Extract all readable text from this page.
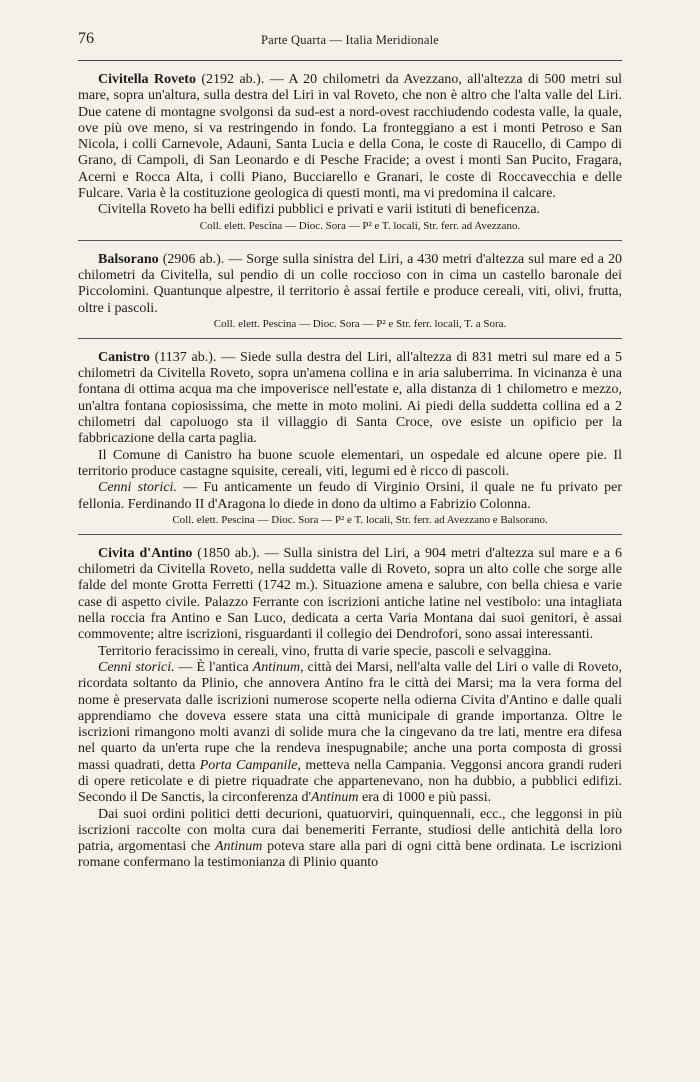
76	Parte Quarta — Italia Meridionale

Civitella Roveto (2192 ab.). — A 20 chilometri da Avezzano, all'altezza di 500 metri sul mare, sopra un'altura, sulla destra del Liri in val Roveto, che non è altro che l'alta valle del Liri. Due catene di montagne svolgonsi da sud-est a nord-ovest racchiudendo codesta valle, la quale, ove più ove meno, si va restringendo in fondo. La fronteggiano a est i monti Petroso e San Nicola, i colli Carnevole, Adauni, Santa Lucia e della Cona, le coste di Raucello, di Campo di Grano, di Campoli, di San Leonardo e di Pesche Fracide; a ovest i monti San Pucito, Fragara, Acerni e Rocca Alta, i colli Piano, Bucciarello e Granari, le coste di Roccavecchia e delle Fulcare. Varia è la costituzione geologica di questi monti, ma vi predomina il calcare.

Civitella Roveto ha belli edifizi pubblici e privati e varii istituti di beneficenza.

Coll. elett. Pescina — Dioc. Sora — P² e T. locali, Str. ferr. ad Avezzano.

Balsorano (2906 ab.). — Sorge sulla sinistra del Liri, a 430 metri d'altezza sul mare ed a 20 chilometri da Civitella, sul pendio di un colle roccioso con in cima un castello baronale dei Piccolomini. Quantunque alpestre, il territorio è assai fertile e produce cereali, viti, olivi, frutta, oltre i pascoli.

Coll. elett. Pescina — Dioc. Sora — P² e Str. ferr. locali, T. a Sora.

Canistro (1137 ab.). — Siede sulla destra del Liri, all'altezza di 831 metri sul mare ed a 5 chilometri da Civitella Roveto, sopra un'amena collina e in aria saluberrima. In vicinanza è una fontana di ottima acqua ma che impoverisce nell'estate e, alla distanza di 1 chilometro e mezzo, un'altra fontana copiosissima, che mette in moto molini. Ai piedi della suddetta collina ed a 2 chilometri dal capoluogo sta il villaggio di Santa Croce, ove esiste un opificio per la fabbricazione della carta paglia.

Il Comune di Canistro ha buone scuole elementari, un ospedale ed alcune opere pie. Il territorio produce castagne squisite, cereali, viti, legumi ed è ricco di pascoli.

Cenni storici. — Fu anticamente un feudo di Virginio Orsini, il quale ne fu privato per fellonia. Ferdinando II d'Aragona lo diede in dono da ultimo a Fabrizio Colonna.

Coll. elett. Pescina — Dioc. Sora — P² e T. locali, Str. ferr. ad Avezzano e Balsorano.

Civita d'Antino (1850 ab.). — Sulla sinistra del Liri, a 904 metri d'altezza sul mare e a 6 chilometri da Civitella Roveto, nella suddetta valle di Roveto, sopra un alto colle che sorge alle falde del monte Grotta Ferretti (1742 m.). Situazione amena e salubre, con bella chiesa e varie case di aspetto civile. Palazzo Ferrante con iscrizioni antiche latine nel vestibolo: una intagliata nella roccia fra Antino e San Luco, dedicata a certa Varia Montana dai suoi genitori, è assai commovente; altre iscrizioni, risguardanti il collegio dei Dendrofori, sono assai interessanti.

Territorio feracissimo in cereali, vino, frutta di varie specie, pascoli e selvaggina.

Cenni storici. — È l'antica Antinum, città dei Marsi, nell'alta valle del Liri o valle di Roveto, ricordata soltanto da Plinio, che annovera Antino fra le città dei Marsi; ma la vera forma del nome è preservata dalle iscrizioni numerose scoperte nella odierna Civita d'Antino e dalle quali apprendiamo che doveva essere stata una città municipale di grande importanza. Oltre le iscrizioni rimangono molti avanzi di solide mura che la cingevano da tre lati, mentre era difesa nel quarto da un'erta rupe che la rendeva inespugnabile; anche una porta composta di grossi massi quadrati, detta Porta Campanile, metteva nella Campania. Veggonsi ancora grandi ruderi di opere reticolate e di pietre riquadrate che appartenevano, non ha dubbio, a pubblici edifizi. Secondo il De Sanctis, la circonferenza d'Antinum era di 1000 e più passi.

Dai suoi ordini politici detti decurioni, quatuorviri, quinquennali, ecc., che leggonsi in più iscrizioni raccolte con molta cura dai benemeriti Ferrante, studiosi delle antichità della loro patria, argomentasi che Antinum poteva stare alla pari di ogni città bene ordinata. Le iscrizioni romane confermano la testimonianza di Plinio quanto
